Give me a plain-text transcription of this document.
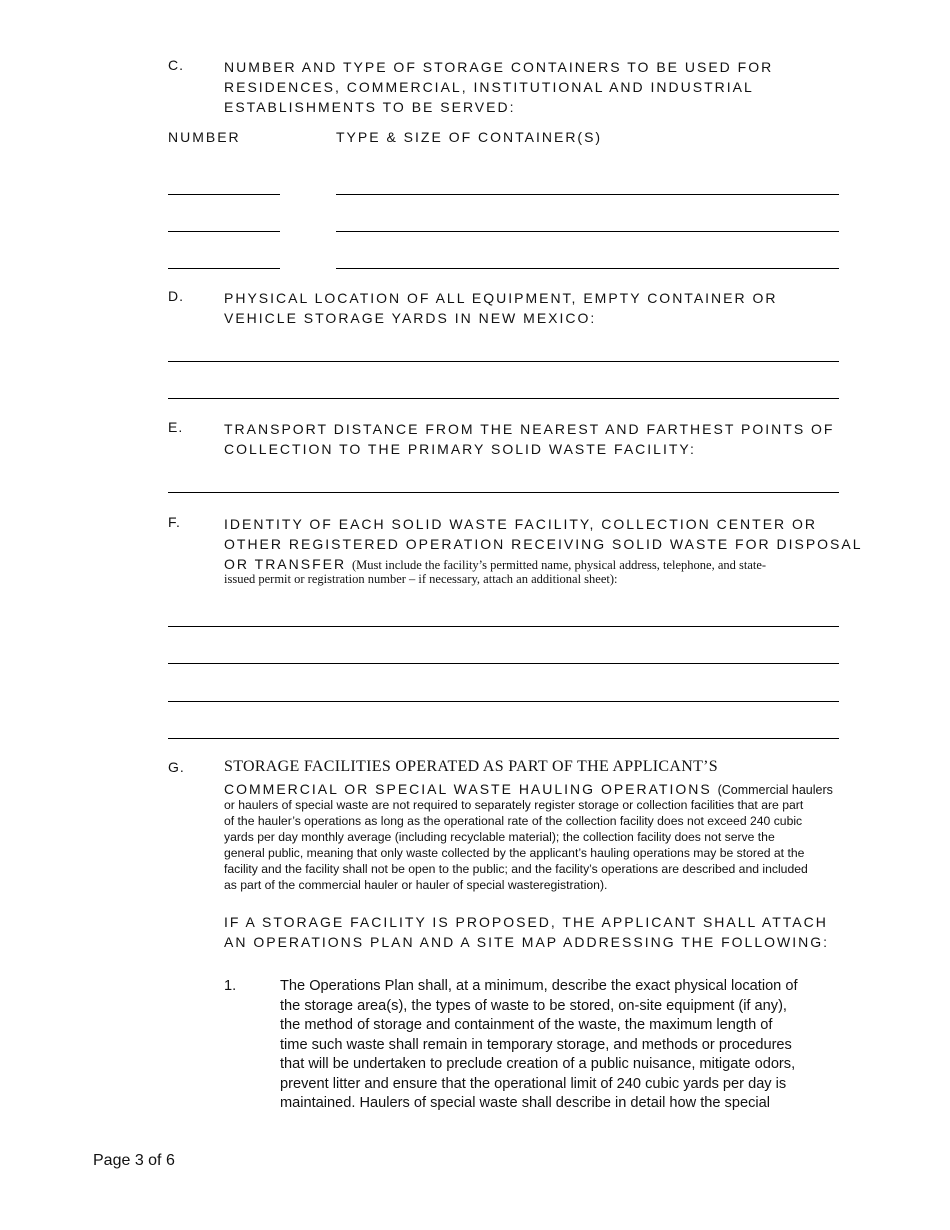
C.	NUMBER AND TYPE OF STORAGE CONTAINERS TO BE USED FOR
RESIDENCES, COMMERCIAL, INSTITUTIONAL AND INDUSTRIAL
ESTABLISHMENTS TO BE SERVED:
NUMBER	TYPE & SIZE OF CONTAINER(S)
D.	PHYSICAL LOCATION OF ALL EQUIPMENT, EMPTY CONTAINER OR
VEHICLE STORAGE YARDS IN NEW MEXICO:
E.	TRANSPORT DISTANCE FROM THE NEAREST AND FARTHEST POINTS OF
COLLECTION TO THE PRIMARY SOLID WASTE FACILITY:
F.	IDENTITY OF EACH SOLID WASTE FACILITY, COLLECTION CENTER OR
OTHER REGISTERED OPERATION RECEIVING SOLID WASTE FOR DISPOSAL
OR TRANSFER (Must include the facility’s permitted name, physical address, telephone, and state-
issued permit or registration number – if necessary, attach an additional sheet):
G. STORAGE FACILITIES OPERATED AS PART OF THE APPLICANT’S
COMMERCIAL OR SPECIAL WASTE HAULING OPERATIONS (Commercial haulers
or haulers of special waste are not required to separately register storage or collection facilities that are part
of the hauler’s operations as long as the operational rate of the collection facility does not exceed 240 cubic
yards per day monthly average (including recyclable material); the collection facility does not serve the
general public, meaning that only waste collected by the applicant’s hauling operations may be stored at the
facility and the facility shall not be open to the public; and the facility’s operations are described and included
as part of the commercial hauler or hauler of special wasteregistration).
IF A STORAGE FACILITY IS PROPOSED, THE APPLICANT SHALL ATTACH
AN OPERATIONS PLAN AND A SITE MAP ADDRESSING THE FOLLOWING:
1.	The Operations Plan shall, at a minimum, describe the exact physical location of
the storage area(s), the types of waste to be stored, on-site equipment (if any),
the method of storage and containment of the waste, the maximum length of
time such waste shall remain in temporary storage, and methods or procedures
that will be undertaken to preclude creation of a public nuisance, mitigate odors,
prevent litter and ensure that the operational limit of 240 cubic yards per day is
maintained. Haulers of special waste shall describe in detail how the special
Page 3 of 6
